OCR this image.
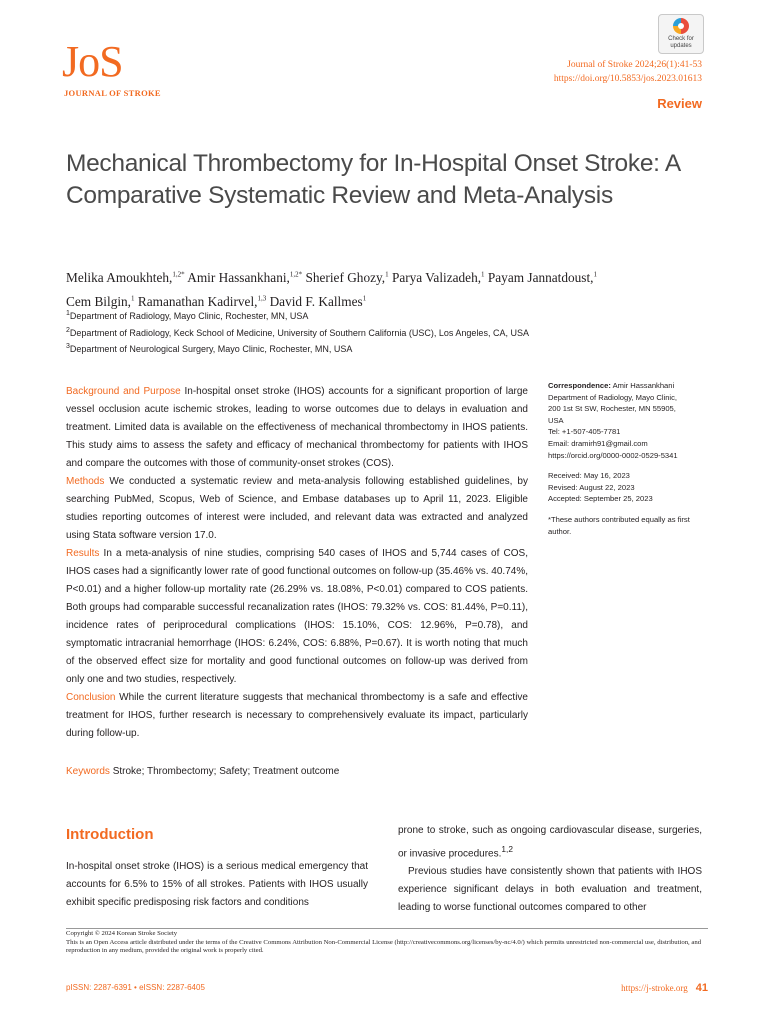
JoS
JOURNAL OF STROKE
Check for updates
Journal of Stroke 2024;26(1):41-53
https://doi.org/10.5853/jos.2023.01613
Review
Mechanical Thrombectomy for In-Hospital Onset Stroke: A Comparative Systematic Review and Meta-Analysis
Melika Amoukhteh,$^{1,2*}$ Amir Hassankhani,$^{1,2*}$ Sherief Ghozy,$^1$ Parya Valizadeh,$^1$ Payam Jannatdoust,$^1$
Cem Bilgin,$^1$ Ramanathan Kadirvel,$^{1,3}$ David F. Kallmes$^1$
$^1$Department of Radiology, Mayo Clinic, Rochester, MN, USA
$^2$Department of Radiology, Keck School of Medicine, University of Southern California (USC), Los Angeles, CA, USA
$^3$Department of Neurological Surgery, Mayo Clinic, Rochester, MN, USA

Background and Purpose In-hospital onset stroke (IHOS) accounts for a significant proportion of large vessel occlusion acute ischemic strokes, leading to worse outcomes due to delays in evaluation and treatment. Limited data is available on the effectiveness of mechanical thrombectomy in IHOS patients. This study aims to assess the safety and efficacy of mechanical thrombectomy for patients with IHOS and compare the outcomes with those of community-onset strokes (COS).

Methods We conducted a systematic review and meta-analysis following established guidelines, by searching PubMed, Scopus, Web of Science, and Embase databases up to April 11, 2023. Eligible studies reporting outcomes of interest were included, and relevant data was extracted and analyzed using Stata software version 17.0.

Results In a meta-analysis of nine studies, comprising 540 cases of IHOS and 5,744 cases of COS, IHOS cases had a significantly lower rate of good functional outcomes on follow-up (35.46% vs. 40.74%, P<0.01) and a higher follow-up mortality rate (26.29% vs. 18.08%, P<0.01) compared to COS patients. Both groups had comparable successful recanalization rates (IHOS: 79.32% vs. COS: 81.44%, P=0.11), incidence rates of periprocedural complications (IHOS: 15.10%, COS: 12.96%, P=0.78), and symptomatic intracranial hemorrhage (IHOS: 6.24%, COS: 6.88%, P=0.67). It is worth noting that much of the observed effect size for mortality and good functional outcomes on follow-up was derived from only one and two studies, respectively.

Conclusion While the current literature suggests that mechanical thrombectomy is a safe and effective treatment for IHOS, further research is necessary to comprehensively evaluate its impact, particularly during follow-up.

Keywords Stroke; Thrombectomy; Safety; Treatment outcome

Correspondence: Amir Hassankhani

Department of Radiology, Mayo Clinic,

200 1st St SW, Rochester, MN 55905,

USA

Tel: +1-507-405-7781

Email: dramirh91@gmail.com

https://orcid.org/0000-0002-0529-5341

Received: May 16, 2023

Revised: August 22, 2023

Accepted: September 25, 2023

*These authors contributed equally as first author.

Introduction

In-hospital onset stroke (IHOS) is a serious medical emergency that accounts for 6.5% to 15% of all strokes. Patients with IHOS usually exhibit specific predisposing risk factors and conditions

prone to stroke, such as ongoing cardiovascular disease, surgeries, or invasive procedures.$^{1,2}$

Previous studies have consistently shown that patients with IHOS experience significant delays in both evaluation and treatment, leading to worse functional outcomes compared to other

Copyright © 2024 Korean Stroke Society
This is an Open Access article distributed under the terms of the Creative Commons Attribution Non-Commercial License (http://creativecommons.org/licenses/by-nc/4.0/) which permits unrestricted non-commercial use, distribution, and reproduction in any medium, provided the original work is properly cited.
pISSN: 2287-6391 • eISSN: 2287-6405	https://j-stroke.org 41
